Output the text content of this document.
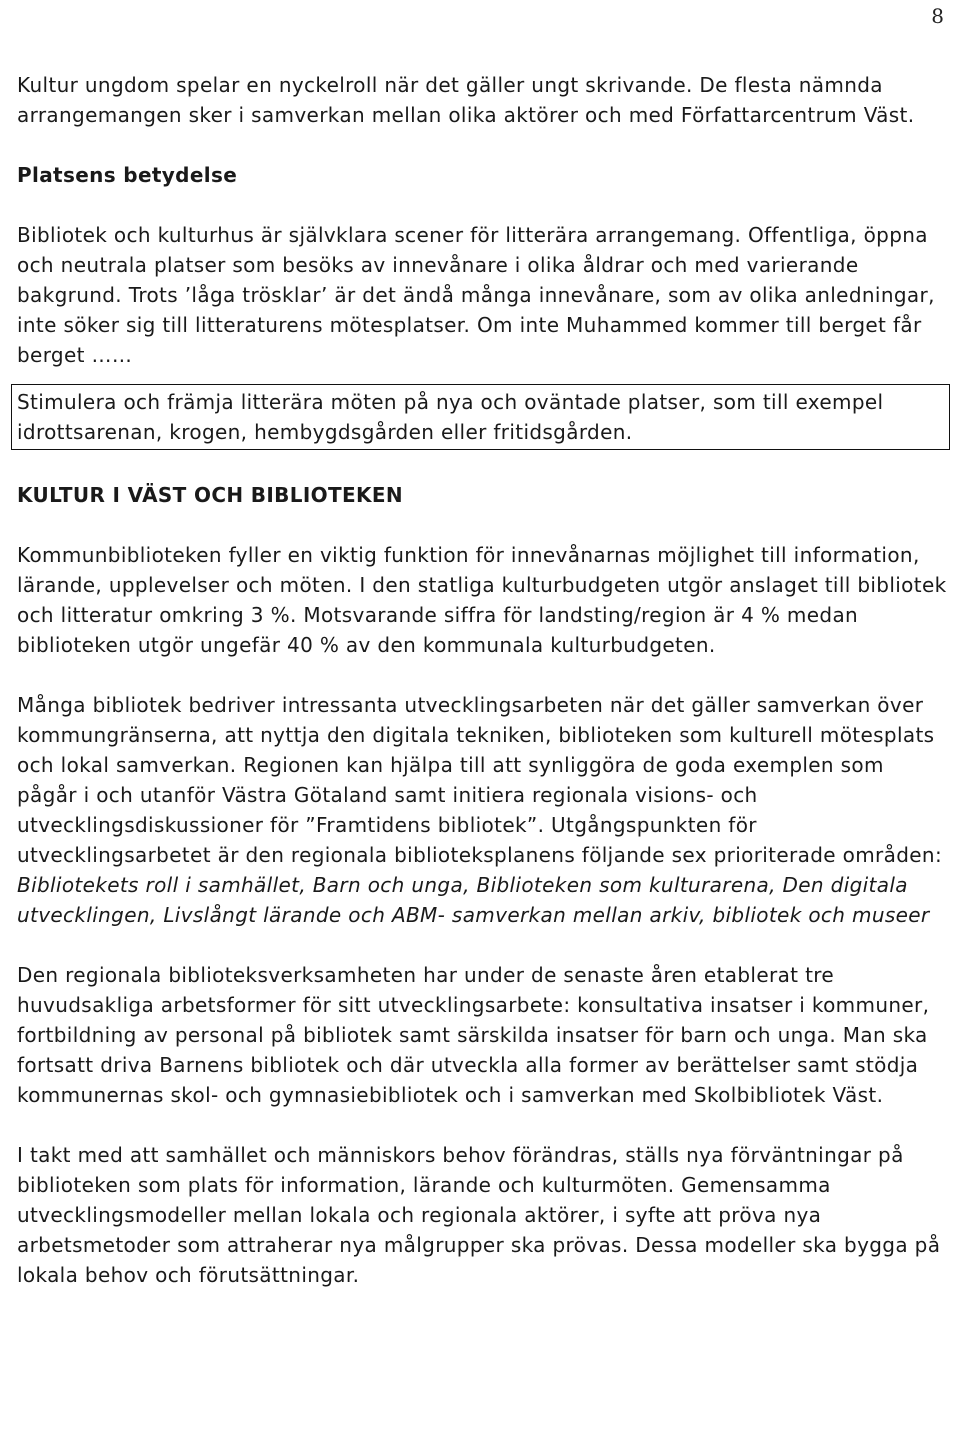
8

Kultur ungdom spelar en nyckelroll när det gäller ungt skrivande. De flesta nämnda arrangemangen sker i samverkan mellan olika aktörer och med Författarcentrum Väst.

Platsens betydelse

Bibliotek och kulturhus är självklara scener för litterära arrangemang. Offentliga, öppna och neutrala platser som besöks av innevånare i olika åldrar och med varierande bakgrund. Trots ’låga trösklar’ är det ändå många innevånare, som av olika anledningar, inte söker sig till litteraturens mötesplatser. Om inte Muhammed kommer till berget får berget ……

Stimulera och främja litterära möten på nya och oväntade platser, som till exempel idrottsarenan, krogen, hembygdsgården eller fritidsgården.

KULTUR I VÄST OCH BIBLIOTEKEN

Kommunbiblioteken fyller en viktig funktion för innevånarnas möjlighet till information, lärande, upplevelser och möten. I den statliga kulturbudgeten utgör anslaget till bibliotek och litteratur omkring 3 %. Motsvarande siffra för landsting/region är 4 % medan biblioteken utgör ungefär 40 % av den kommunala kulturbudgeten.

Många bibliotek bedriver intressanta utvecklingsarbeten när det gäller samverkan över kommungränserna, att nyttja den digitala tekniken, biblioteken som kulturell mötesplats och lokal samverkan. Regionen kan hjälpa till att synliggöra de goda exemplen som pågår i och utanför Västra Götaland samt initiera regionala visions- och utvecklingsdiskussioner för ”Framtidens bibliotek”. Utgångspunkten för utvecklingsarbetet är den regionala biblioteksplanens följande sex prioriterade områden:

Bibliotekets roll i samhället, Barn och unga, Biblioteken som kulturarena, Den digitala utvecklingen, Livslångt lärande och ABM- samverkan mellan arkiv, bibliotek och museer

Den regionala biblioteksverksamheten har under de senaste åren etablerat tre huvudsakliga arbetsformer för sitt utvecklingsarbete: konsultativa insatser i kommuner, fortbildning av personal på bibliotek samt särskilda insatser för barn och unga. Man ska fortsatt driva Barnens bibliotek och där utveckla alla former av berättelser samt stödja kommunernas skol- och gymnasiebibliotek och i samverkan med Skolbibliotek Väst.

I takt med att samhället och människors behov förändras, ställs nya förväntningar på biblioteken som plats för information, lärande och kulturmöten. Gemensamma utvecklingsmodeller mellan lokala och regionala aktörer, i syfte att pröva nya arbetsmetoder som attraherar nya målgrupper ska prövas. Dessa modeller ska bygga på lokala behov och förutsättningar.
